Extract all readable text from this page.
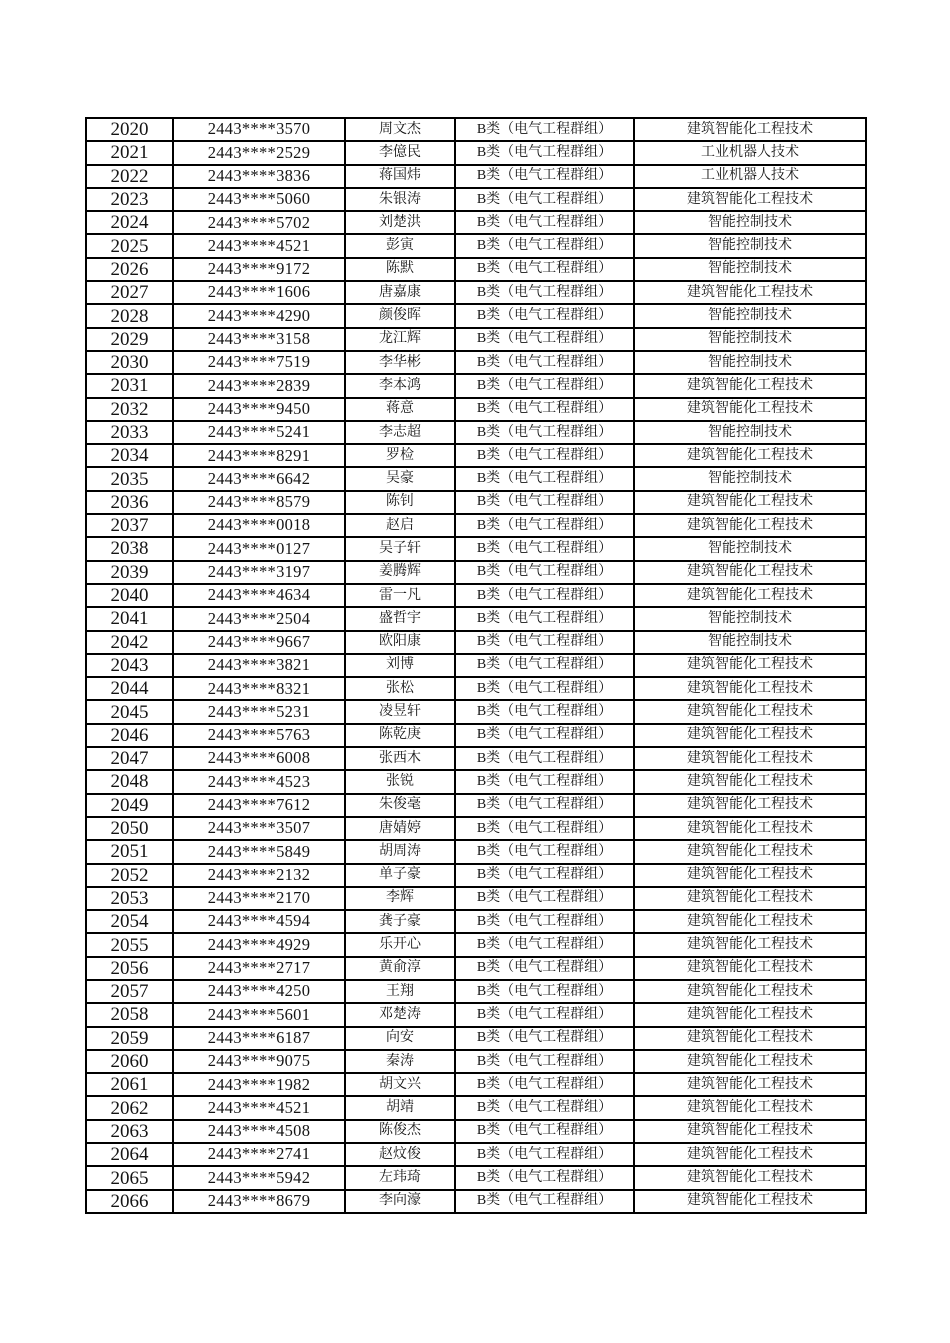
2020	2443****3570	周文杰	B类（电气工程群组）	建筑智能化工程技术
2021	2443****2529	李億民	B类（电气工程群组）	工业机器人技术
2022	2443****3836	蒋国炜	B类（电气工程群组）	工业机器人技术
2023	2443****5060	朱银涛	B类（电气工程群组）	建筑智能化工程技术
2024	2443****5702	刘楚洪	B类（电气工程群组）	智能控制技术
2025	2443****4521	彭寅	B类（电气工程群组）	智能控制技术
2026	2443****9172	陈默	B类（电气工程群组）	智能控制技术
2027	2443****1606	唐嘉康	B类（电气工程群组）	建筑智能化工程技术
2028	2443****4290	颜俊晖	B类（电气工程群组）	智能控制技术
2029	2443****3158	龙江辉	B类（电气工程群组）	智能控制技术
2030	2443****7519	李华彬	B类（电气工程群组）	智能控制技术
2031	2443****2839	李本鸿	B类（电气工程群组）	建筑智能化工程技术
2032	2443****9450	蒋意	B类（电气工程群组）	建筑智能化工程技术
2033	2443****5241	李志超	B类（电气工程群组）	智能控制技术
2034	2443****8291	罗检	B类（电气工程群组）	建筑智能化工程技术
2035	2443****6642	吴豪	B类（电气工程群组）	智能控制技术
2036	2443****8579	陈钊	B类（电气工程群组）	建筑智能化工程技术
2037	2443****0018	赵启	B类（电气工程群组）	建筑智能化工程技术
2038	2443****0127	吴子轩	B类（电气工程群组）	智能控制技术
2039	2443****3197	姜腾辉	B类（电气工程群组）	建筑智能化工程技术
2040	2443****4634	雷一凡	B类（电气工程群组）	建筑智能化工程技术
2041	2443****2504	盛哲宇	B类（电气工程群组）	智能控制技术
2042	2443****9667	欧阳康	B类（电气工程群组）	智能控制技术
2043	2443****3821	刘博	B类（电气工程群组）	建筑智能化工程技术
2044	2443****8321	张松	B类（电气工程群组）	建筑智能化工程技术
2045	2443****5231	凌昱轩	B类（电气工程群组）	建筑智能化工程技术
2046	2443****5763	陈乾庚	B类（电气工程群组）	建筑智能化工程技术
2047	2443****6008	张西木	B类（电气工程群组）	建筑智能化工程技术
2048	2443****4523	张锐	B类（电气工程群组）	建筑智能化工程技术
2049	2443****7612	朱俊毫	B类（电气工程群组）	建筑智能化工程技术
2050	2443****3507	唐婧婷	B类（电气工程群组）	建筑智能化工程技术
2051	2443****5849	胡周涛	B类（电气工程群组）	建筑智能化工程技术
2052	2443****2132	单子豪	B类（电气工程群组）	建筑智能化工程技术
2053	2443****2170	李辉	B类（电气工程群组）	建筑智能化工程技术
2054	2443****4594	龚子豪	B类（电气工程群组）	建筑智能化工程技术
2055	2443****4929	乐开心	B类（电气工程群组）	建筑智能化工程技术
2056	2443****2717	黄俞淳	B类（电气工程群组）	建筑智能化工程技术
2057	2443****4250	王翔	B类（电气工程群组）	建筑智能化工程技术
2058	2443****5601	邓楚涛	B类（电气工程群组）	建筑智能化工程技术
2059	2443****6187	向安	B类（电气工程群组）	建筑智能化工程技术
2060	2443****9075	秦涛	B类（电气工程群组）	建筑智能化工程技术
2061	2443****1982	胡文兴	B类（电气工程群组）	建筑智能化工程技术
2062	2443****4521	胡靖	B类（电气工程群组）	建筑智能化工程技术
2063	2443****4508	陈俊杰	B类（电气工程群组）	建筑智能化工程技术
2064	2443****2741	赵炆俊	B类（电气工程群组）	建筑智能化工程技术
2065	2443****5942	左玮琦	B类（电气工程群组）	建筑智能化工程技术
2066	2443****8679	李向濠	B类（电气工程群组）	建筑智能化工程技术
